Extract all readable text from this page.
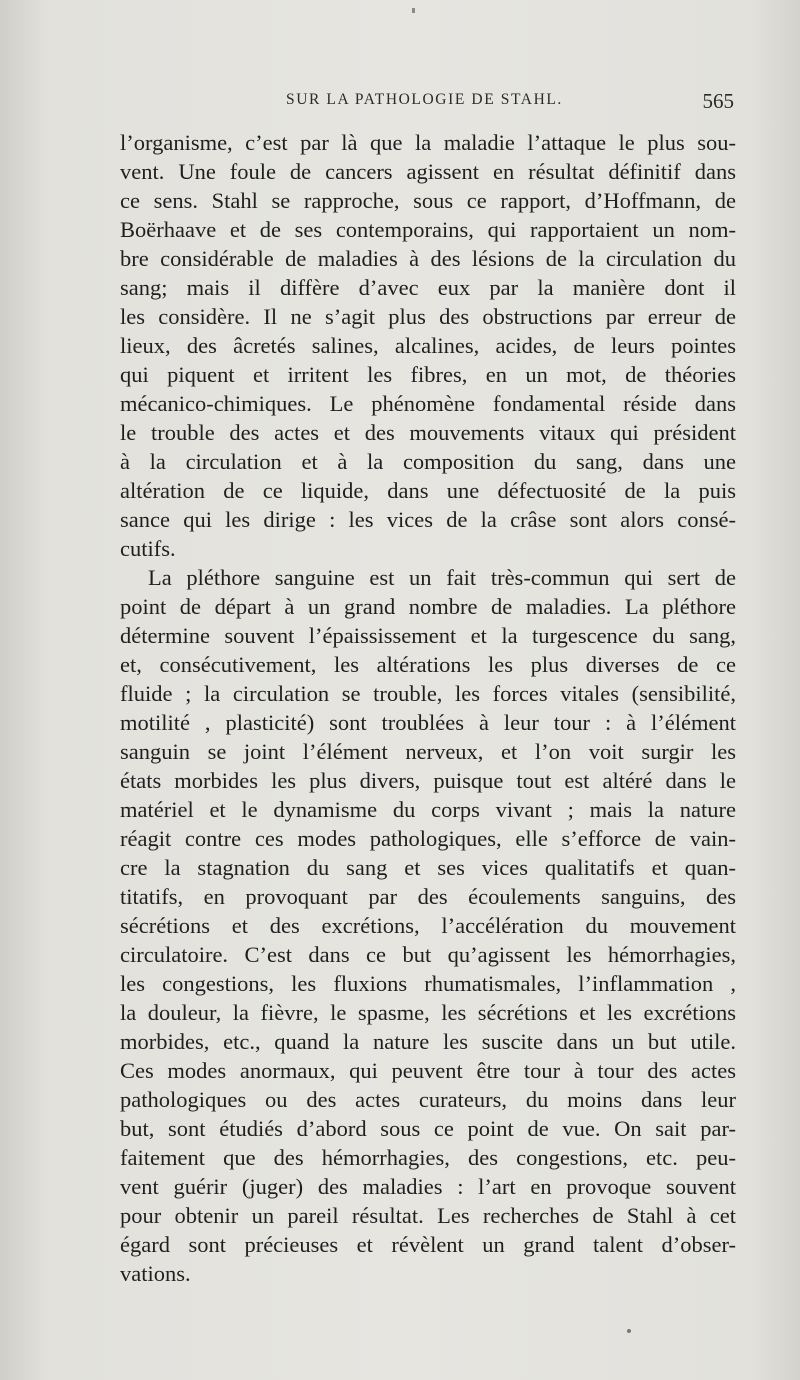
SUR LA PATHOLOGIE DE STAHL.	565
l’organisme, c’est par là que la maladie l’attaque le plus sou-
vent. Une foule de cancers agissent en résultat définitif dans
ce sens. Stahl se rapproche, sous ce rapport, d’Hoffmann, de
Boërhaave et de ses contemporains, qui rapportaient un nom-
bre considérable de maladies à des lésions de la circulation du
sang; mais il diffère d’avec eux par la manière dont il
les considère. Il ne s’agit plus des obstructions par erreur de
lieux, des âcretés salines, alcalines, acides, de leurs pointes
qui piquent et irritent les fibres, en un mot, de théories
mécanico-chimiques. Le phénomène fondamental réside dans
le trouble des actes et des mouvements vitaux qui président
à la circulation et à la composition du sang, dans une
altération de ce liquide, dans une défectuosité de la puis
sance qui les dirige : les vices de la crâse sont alors consé-
cutifs.
La pléthore sanguine est un fait très-commun qui sert de
point de départ à un grand nombre de maladies. La pléthore
détermine souvent l’épaississement et la turgescence du sang,
et, consécutivement, les altérations les plus diverses de ce
fluide ; la circulation se trouble, les forces vitales (sensibilité,
motilité , plasticité) sont troublées à leur tour : à l’élément
sanguin se joint l’élément nerveux, et l’on voit surgir les
états morbides les plus divers, puisque tout est altéré dans le
matériel et le dynamisme du corps vivant ; mais la nature
réagit contre ces modes pathologiques, elle s’efforce de vain-
cre la stagnation du sang et ses vices qualitatifs et quan-
titatifs, en provoquant par des écoulements sanguins, des
sécrétions et des excrétions, l’accélération du mouvement
circulatoire. C’est dans ce but qu’agissent les hémorrhagies,
les congestions, les fluxions rhumatismales, l’inflammation ,
la douleur, la fièvre, le spasme, les sécrétions et les excrétions
morbides, etc., quand la nature les suscite dans un but utile.
Ces modes anormaux, qui peuvent être tour à tour des actes
pathologiques ou des actes curateurs, du moins dans leur
but, sont étudiés d’abord sous ce point de vue. On sait par-
faitement que des hémorrhagies, des congestions, etc. peu-
vent guérir (juger) des maladies : l’art en provoque souvent
pour obtenir un pareil résultat. Les recherches de Stahl à cet
égard sont précieuses et révèlent un grand talent d’obser-
vations.
